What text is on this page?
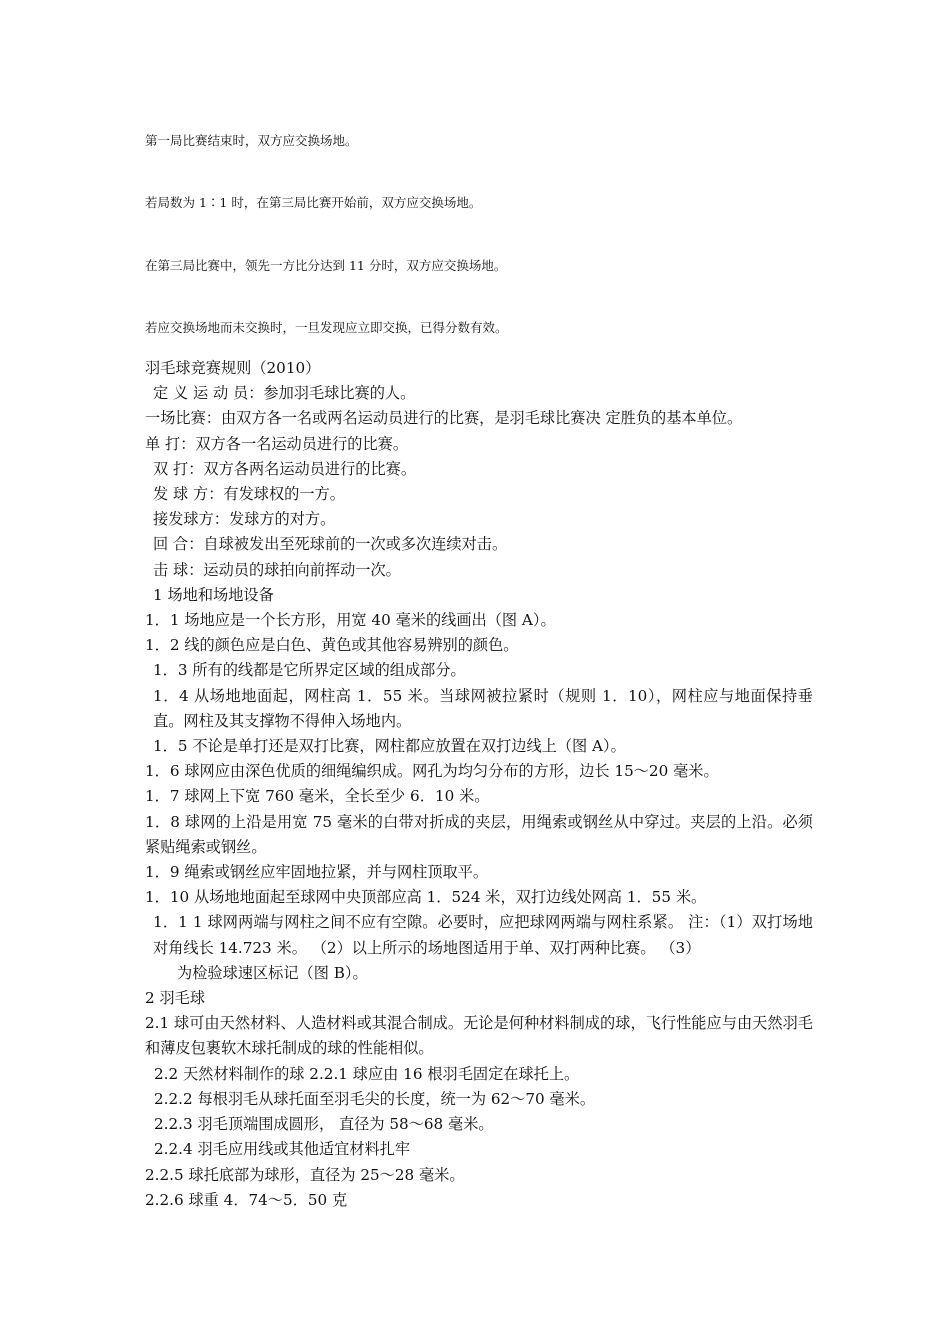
第一局比赛结束时，双方应交换场地。
若局数为 1∶1 时，在第三局比赛开始前，双方应交换场地。
在第三局比赛中，领先一方比分达到 11 分时，双方应交换场地。
若应交换场地而未交换时，一旦发现应立即交换，已得分数有效。

羽毛球竞赛规则（2010）

定 义 运 动 员：参加羽毛球比赛的人。

一场比赛：由双方各一名或两名运动员进行的比赛，是羽毛球比赛决 定胜负的基本单位。

单 打：双方各一名运动员进行的比赛。

双 打：双方各两名运动员进行的比赛。

发 球 方：有发球权的一方。

接发球方：发球方的对方。

回 合：自球被发出至死球前的一次或多次连续对击。

击 球：运动员的球拍向前挥动一次。

1 场地和场地设备

1．1 场地应是一个长方形，用宽 40 毫米的线画出（图 A）。

1．2 线的颜色应是白色、黄色或其他容易辨别的颜色。

1．3 所有的线都是它所界定区域的组成部分。

1．4 从场地地面起，网柱高 1．55 米。当球网被拉紧时（规则 1．10），网柱应与地面保持垂直。网柱及其支撑物不得伸入场地内。

1．5 不论是单打还是双打比赛，网柱都应放置在双打边线上（图 A）。

1．6 球网应由深色优质的细绳编织成。网孔为均匀分布的方形，边长 15～20 毫米。

1．7 球网上下宽 760 毫米，全长至少 6．10 米。

1．8 球网的上沿是用宽 75 毫米的白带对折成的夹层，用绳索或钢丝从中穿过。夹层的上沿。必须紧贴绳索或钢丝。

1．9 绳索或钢丝应牢固地拉紧，并与网柱顶取平。

1．10 从场地地面起至球网中央顶部应高 1．524 米，双打边线处网高 1．55 米。

1．1 1 球网两端与网柱之间不应有空隙。必要时，应把球网两端与网柱系紧。 注：（1）双打场地对角线长 14.723 米。 （2）以上所示的场地图适用于单、双打两种比赛。 （3）

为检验球速区标记（图 B）。

2 羽毛球

2.1 球可由天然材料、人造材料或其混合制成。无论是何种材料制成的球，飞行性能应与由天然羽毛和薄皮包裹软木球托制成的球的性能相似。

2.2 天然材料制作的球 2.2.1 球应由 16 根羽毛固定在球托上。

2.2.2 每根羽毛从球托面至羽毛尖的长度，统一为 62～70 毫米。

2.2.3 羽毛顶端围成圆形， 直径为 58～68 毫米。

2.2.4 羽毛应用线或其他适宜材料扎牢

2.2.5 球托底部为球形，直径为 25～28 毫米。

2.2.6 球重 4．74～5．50 克
